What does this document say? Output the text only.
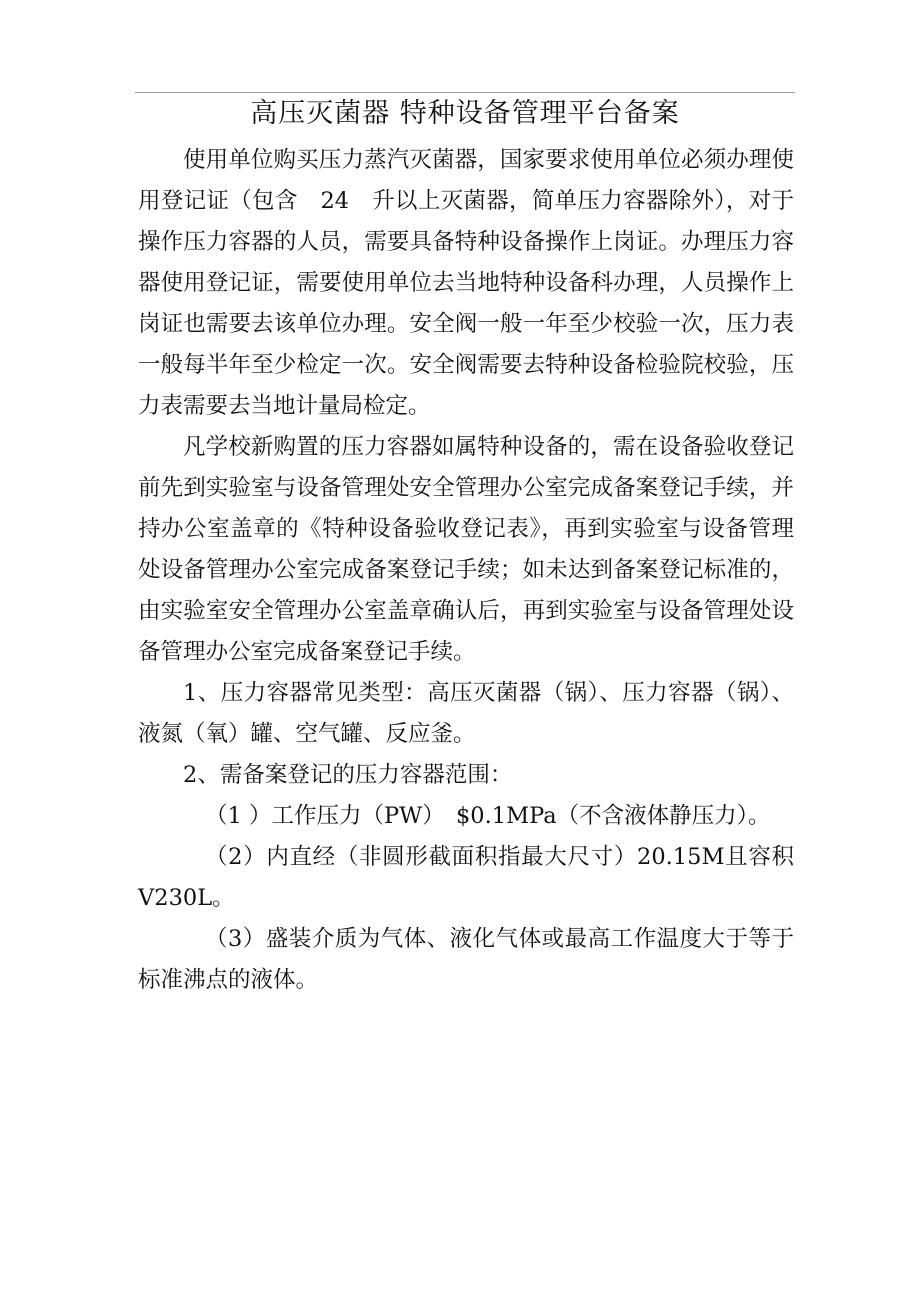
高压灭菌器 特种设备管理平台备案

使用单位购买压力蒸汽灭菌器，国家要求使用单位必须办理使用登记证（包含　24　升以上灭菌器，简单压力容器除外），对于操作压力容器的人员，需要具备特种设备操作上岗证。办理压力容器使用登记证，需要使用单位去当地特种设备科办理，人员操作上岗证也需要去该单位办理。安全阀一般一年至少校验一次，压力表一般每半年至少检定一次。安全阀需要去特种设备检验院校验，压力表需要去当地计量局检定。

凡学校新购置的压力容器如属特种设备的，需在设备验收登记前先到实验室与设备管理处安全管理办公室完成备案登记手续，并持办公室盖章的《特种设备验收登记表》，再到实验室与设备管理处设备管理办公室完成备案登记手续；如未达到备案登记标准的，由实验室安全管理办公室盖章确认后，再到实验室与设备管理处设备管理办公室完成备案登记手续。

1、压力容器常见类型：高压灭菌器（锅）、压力容器（锅）、液氮（氧）罐、空气罐、反应釜。

2、需备案登记的压力容器范围：

（1 ）工作压力（PW）　$0.1MPa（不含液体静压力）。

（2）内直经（非圆形截面积指最大尺寸）20.15M且容积V230L。

（3）盛装介质为气体、液化气体或最高工作温度大于等于标准沸点的液体。
